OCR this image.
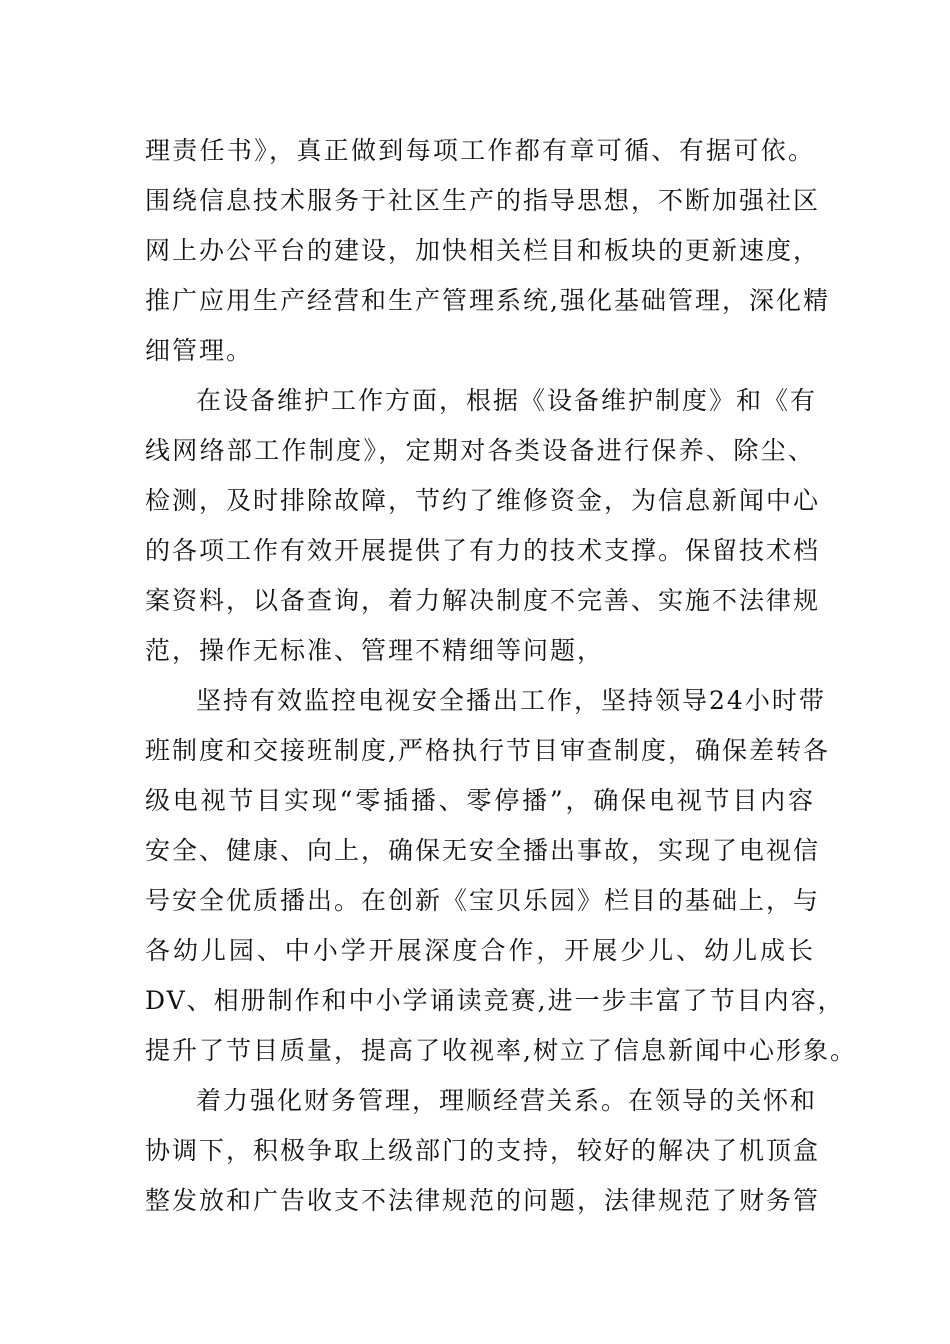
理责任书》，真正做到每项工作都有章可循、有据可依。
围绕信息技术服务于社区生产的指导思想，不断加强社区
网上办公平台的建设，加快相关栏目和板块的更新速度，
推广应用生产经营和生产管理系统,强化基础管理，深化精
细管理。
在设备维护工作方面，根据《设备维护制度》和《有
线网络部工作制度》，定期对各类设备进行保养、除尘、
检测，及时排除故障，节约了维修资金，为信息新闻中心
的各项工作有效开展提供了有力的技术支撑。保留技术档
案资料，以备查询，着力解决制度不完善、实施不法律规
范，操作无标准、管理不精细等问题，
坚持有效监控电视安全播出工作，坚持领导24小时带
班制度和交接班制度,严格执行节目审查制度，确保差转各
级电视节目实现“零插播、零停播”，确保电视节目内容
安全、健康、向上，确保无安全播出事故，实现了电视信
号安全优质播出。在创新《宝贝乐园》栏目的基础上，与
各幼儿园、中小学开展深度合作，开展少儿、幼儿成长
DV、相册制作和中小学诵读竞赛,进一步丰富了节目内容，
提升了节目质量，提高了收视率,树立了信息新闻中心形象。
着力强化财务管理，理顺经营关系。在领导的关怀和
协调下，积极争取上级部门的支持，较好的解决了机顶盒
整发放和广告收支不法律规范的问题，法律规范了财务管
